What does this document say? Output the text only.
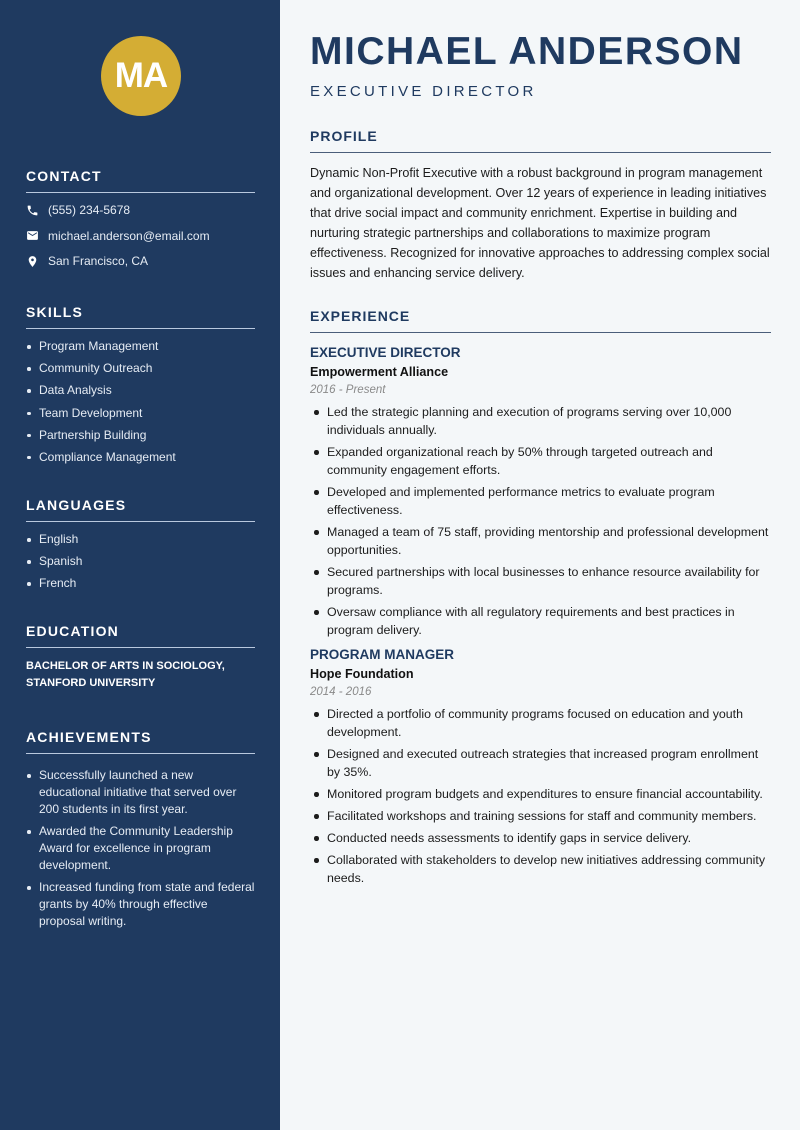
MA
CONTACT
(555) 234-5678
michael.anderson@email.com
San Francisco, CA
SKILLS
Program Management
Community Outreach
Data Analysis
Team Development
Partnership Building
Compliance Management
LANGUAGES
English
Spanish
French
EDUCATION
BACHELOR OF ARTS IN SOCIOLOGY,
STANFORD UNIVERSITY
ACHIEVEMENTS
Successfully launched a new educational initiative that served over 200 students in its first year.
Awarded the Community Leadership Award for excellence in program development.
Increased funding from state and federal grants by 40% through effective proposal writing.
MICHAEL ANDERSON
EXECUTIVE DIRECTOR
PROFILE

Dynamic Non-Profit Executive with a robust background in program management and organizational development. Over 12 years of experience in leading initiatives that drive social impact and community enrichment. Expertise in building and nurturing strategic partnerships and collaborations to maximize program effectiveness. Recognized for innovative approaches to addressing complex social issues and enhancing service delivery.

EXPERIENCE
EXECUTIVE DIRECTOR
Empowerment Alliance
2016 - Present
Led the strategic planning and execution of programs serving over 10,000 individuals annually.
Expanded organizational reach by 50% through targeted outreach and community engagement efforts.
Developed and implemented performance metrics to evaluate program effectiveness.
Managed a team of 75 staff, providing mentorship and professional development opportunities.
Secured partnerships with local businesses to enhance resource availability for programs.
Oversaw compliance with all regulatory requirements and best practices in program delivery.
PROGRAM MANAGER
Hope Foundation
2014 - 2016
Directed a portfolio of community programs focused on education and youth development.
Designed and executed outreach strategies that increased program enrollment by 35%.
Monitored program budgets and expenditures to ensure financial accountability.
Facilitated workshops and training sessions for staff and community members.
Conducted needs assessments to identify gaps in service delivery.
Collaborated with stakeholders to develop new initiatives addressing community needs.
